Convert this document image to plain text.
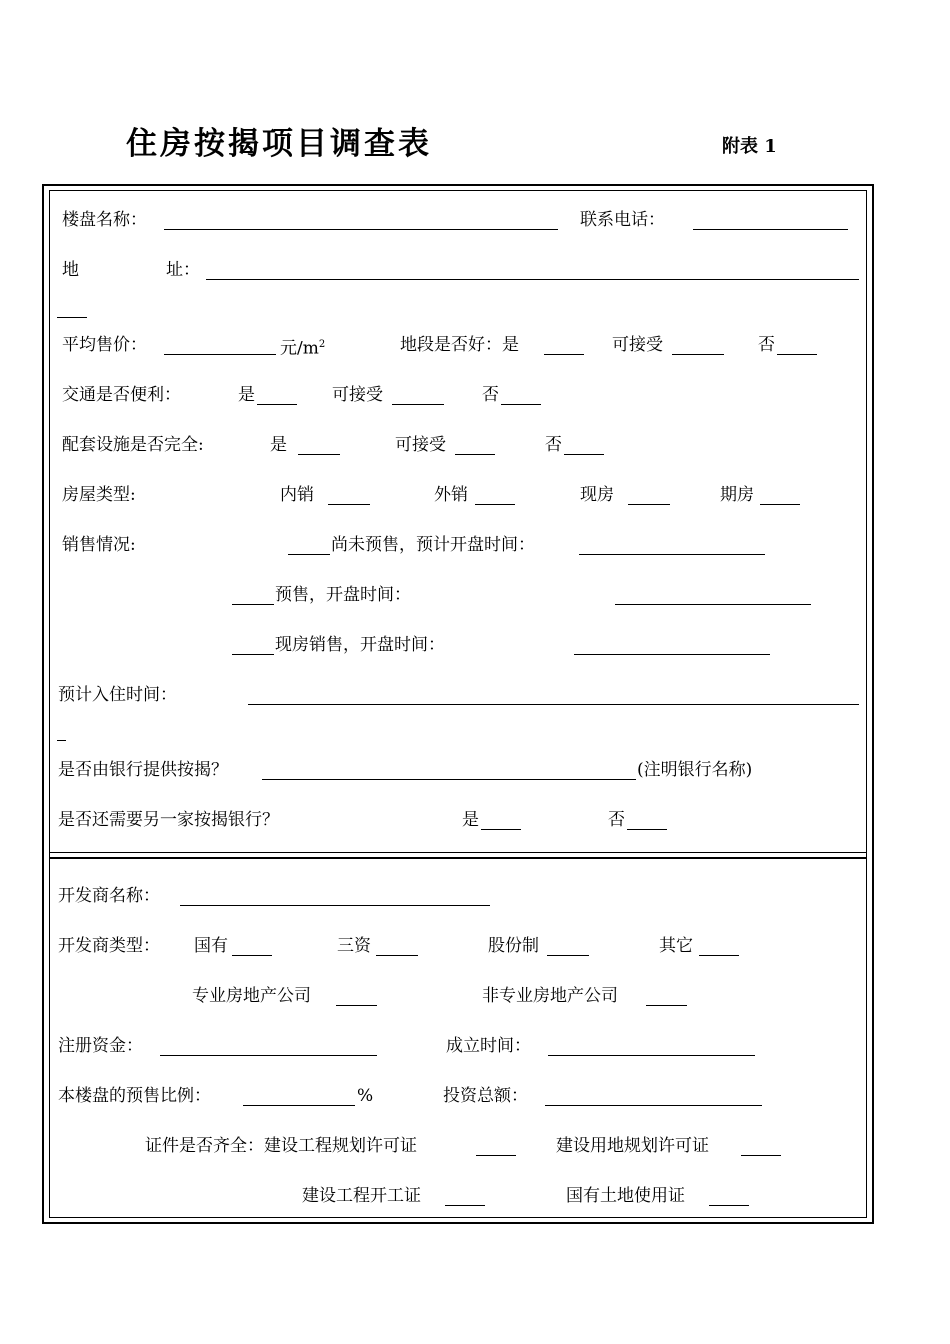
住房按揭项目调查表	附表 1
楼盘名称：	联系电话：
地	址：
平均售价：	元$/m^2$	地段是否好：是	可接受	否
交通是否便利：	是	可接受	否
配套设施是否完全:	是	可接受	否
房屋类型:	内销	外销	现房	期房
销售情况:	尚未预售，预计开盘时间：
预售，开盘时间：
现房销售，开盘时间：
预计入住时间：
是否由银行提供按揭？	(注明银行名称)
是否还需要另一家按揭银行？	是	否
开发商名称：
开发商类型： 国有	三资	股份制	其它
专业房地产公司	非专业房地产公司
注册资金：	成立时间：
本楼盘的预售比例：	%	投资总额：
证件是否齐全：建设工程规划许可证	建设用地规划许可证
建设工程开工证	国有土地使用证
